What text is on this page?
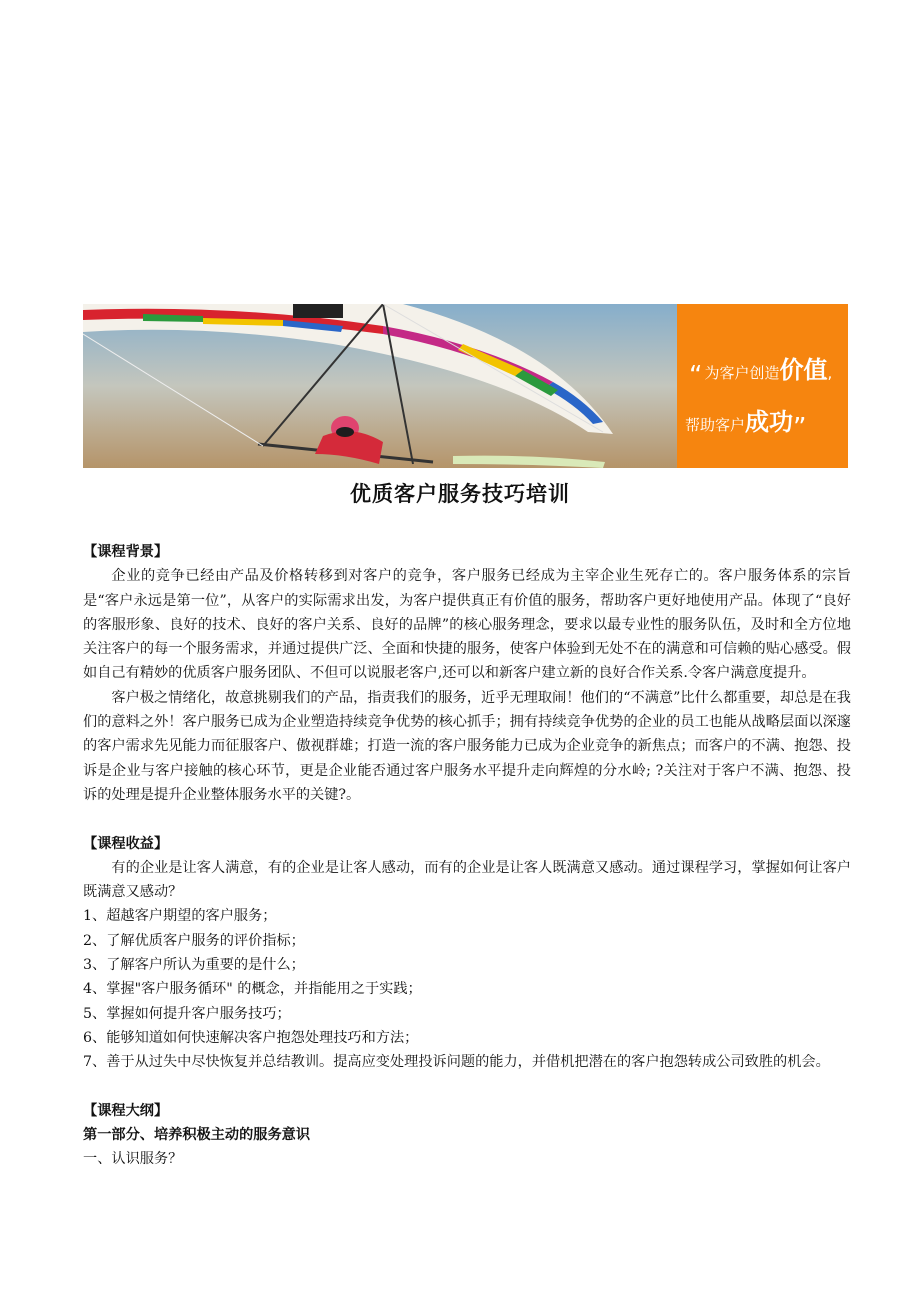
“ 为客户创造价值,
帮助客户成功”
优质客户服务技巧培训

【课程背景】

企业的竞争已经由产品及价格转移到对客户的竞争，客户服务已经成为主宰企业生死存亡的。客户服务体系的宗旨是“客户永远是第一位”，从客户的实际需求出发，为客户提供真正有价值的服务，帮助客户更好地使用产品。体现了“良好的客服形象、良好的技术、良好的客户关系、良好的品牌”的核心服务理念，要求以最专业性的服务队伍，及时和全方位地关注客户的每一个服务需求，并通过提供广泛、全面和快捷的服务，使客户体验到无处不在的满意和可信赖的贴心感受。假如自己有精妙的优质客户服务团队、不但可以说服老客户,还可以和新客户建立新的良好合作关系.令客户满意度提升。

客户极之情绪化，故意挑剔我们的产品，指责我们的服务，近乎无理取闹！他们的“不满意”比什么都重要，却总是在我们的意料之外！客户服务已成为企业塑造持续竞争优势的核心抓手；拥有持续竞争优势的企业的员工也能从战略层面以深邃的客户需求先见能力而征服客户、傲视群雄；打造一流的客户服务能力已成为企业竞争的新焦点；而客户的不满、抱怨、投诉是企业与客户接触的核心环节，更是企业能否通过客户服务水平提升走向辉煌的分水岭; ?关注对于客户不满、抱怨、投诉的处理是提升企业整体服务水平的关键?。

【课程收益】

有的企业是让客人满意，有的企业是让客人感动，而有的企业是让客人既满意又感动。通过课程学习，掌握如何让客户既满意又感动？

1、超越客户期望的客户服务；

2、了解优质客户服务的评价指标；

3、了解客户所认为重要的是什么；

4、掌握"客户服务循环" 的概念，并指能用之于实践；

5、掌握如何提升客户服务技巧；

6、能够知道如何快速解决客户抱怨处理技巧和方法；

7、善于从过失中尽快恢复并总结教训。提高应变处理投诉问题的能力，并借机把潜在的客户抱怨转成公司致胜的机会。

【课程大纲】

第一部分、培养积极主动的服务意识

一、认识服务？
